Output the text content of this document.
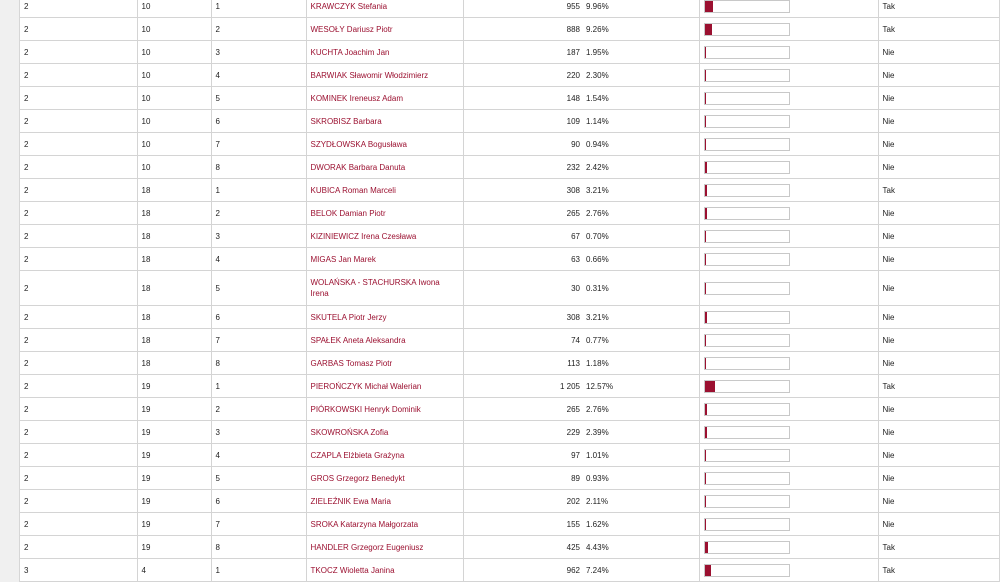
2	10	1	KRAWCZYK Stefania	955	9.96%		Tak
2	10	2	WESOŁY Dariusz Piotr	888	9.26%		Tak
2	10	3	KUCHTA Joachim Jan	187	1.95%		Nie
2	10	4	BARWIAK Sławomir Włodzimierz	220	2.30%		Nie
2	10	5	KOMINEK Ireneusz Adam	148	1.54%		Nie
2	10	6	SKROBISZ Barbara	109	1.14%		Nie
2	10	7	SZYDŁOWSKA Bogusława	90	0.94%		Nie
2	10	8	DWORAK Barbara Danuta	232	2.42%		Nie
2	18	1	KUBICA Roman Marceli	308	3.21%		Tak
2	18	2	BELOK Damian Piotr	265	2.76%		Nie
2	18	3	KIZINIEWICZ Irena Czesława	67	0.70%		Nie
2	18	4	MIGAS Jan Marek	63	0.66%		Nie
2	18	5	WOLAŃSKA - STACHURSKA Iwona Irena	30	0.31%		Nie
2	18	6	SKUTELA Piotr Jerzy	308	3.21%		Nie
2	18	7	SPAŁEK Aneta Aleksandra	74	0.77%		Nie
2	18	8	GARBAS Tomasz Piotr	113	1.18%		Nie
2	19	1	PIEROŃCZYK Michał Walerian	1 205	12.57%		Tak
2	19	2	PIÓRKOWSKI Henryk Dominik	265	2.76%		Nie
2	19	3	SKOWROŃSKA Zofia	229	2.39%		Nie
2	19	4	CZAPLA Elżbieta Grażyna	97	1.01%		Nie
2	19	5	GROS Grzegorz Benedykt	89	0.93%		Nie
2	19	6	ZIELEŹNIK Ewa Maria	202	2.11%		Nie
2	19	7	SROKA Katarzyna Małgorzata	155	1.62%		Nie
2	19	8	HANDLER Grzegorz Eugeniusz	425	4.43%		Tak
3	4	1	TKOCZ Wioletta Janina	962	7.24%		Tak
